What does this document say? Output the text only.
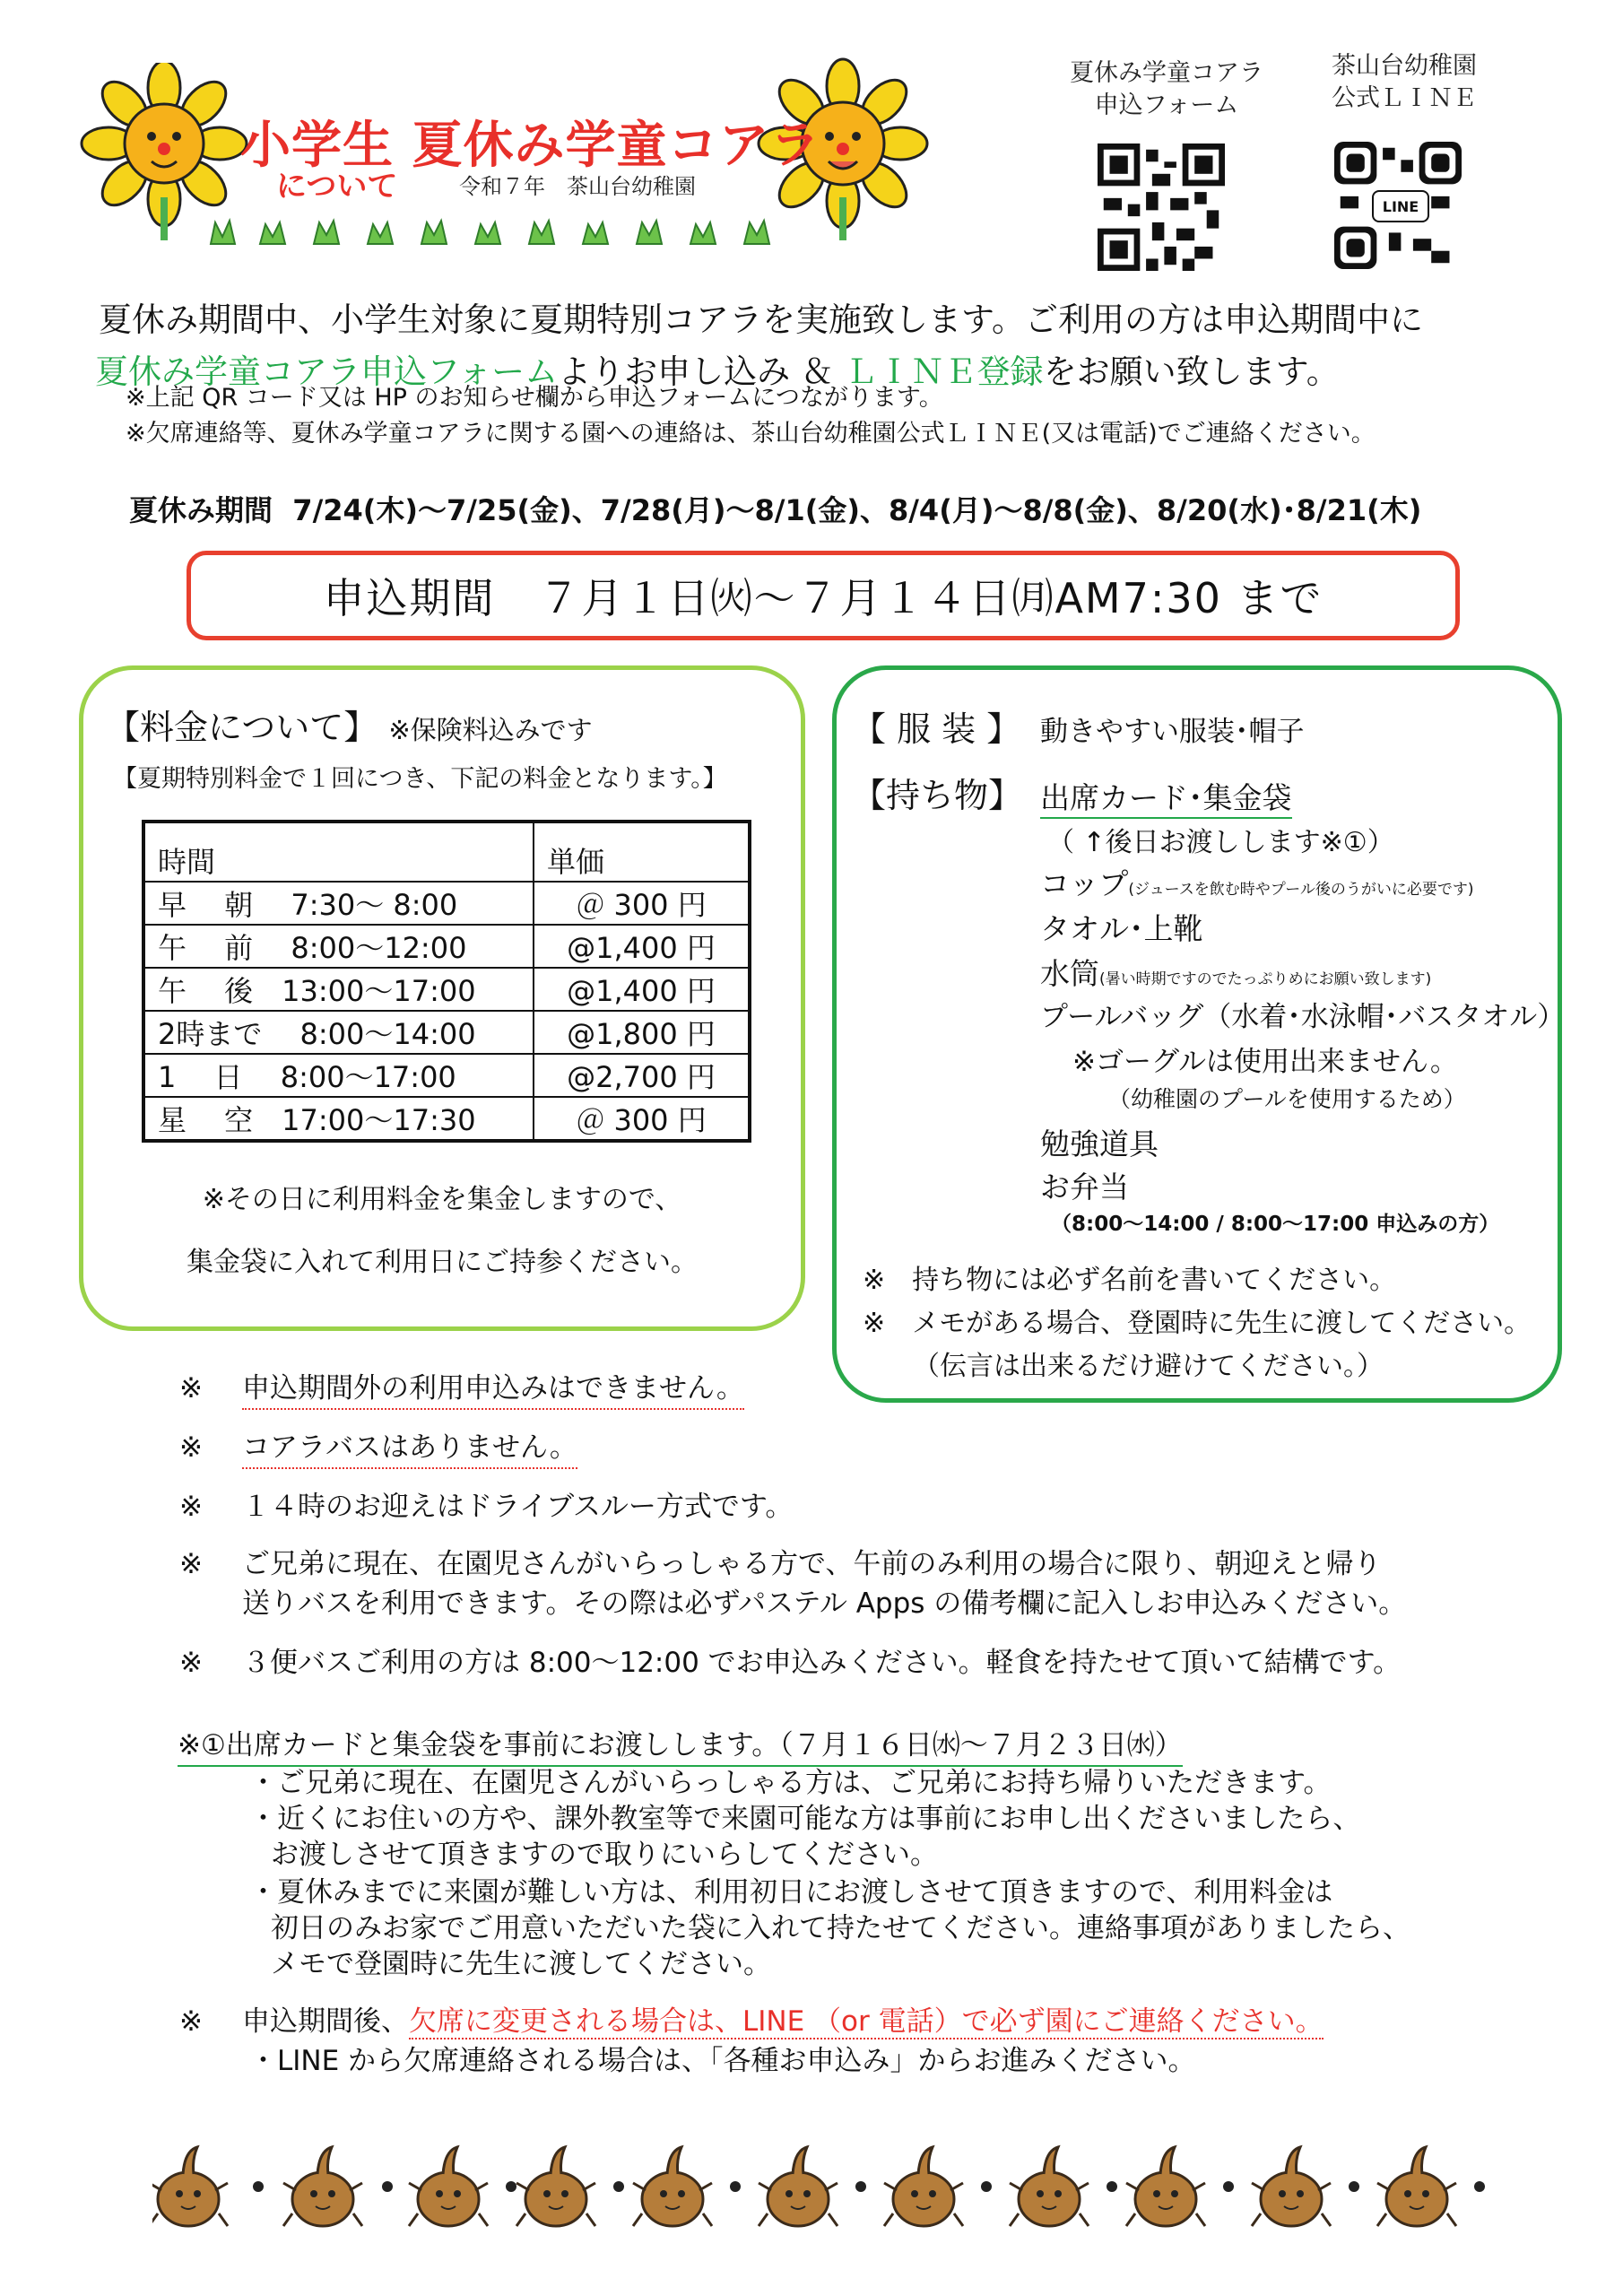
小学生 夏休み学童コアラ
について	令和７年　茶山台幼稚園
夏休み学童コアラ
申込フォーム
茶山台幼稚園
公式ＬＩＮＥ
LINE
夏休み期間中、小学生対象に夏期特別コアラを実施致します。ご利用の方は申込期間中に
夏休み学童コアラ申込フォームよりお申し込み ＆ ＬＩＮＥ登録をお願い致します。
※上記 QR コード又は HP のお知らせ欄から申込フォームにつながります。
※欠席連絡等、夏休み学童コアラに関する園への連絡は、茶山台幼稚園公式ＬＩＮＥ(又は電話)でご連絡ください。
夏休み期間 7/24(木)～7/25(金)、7/28(月)～8/1(金)、8/4(月)～8/8(金)、8/20(水)･8/21(木)
申込期間　７月１日㈫～７月１４日㈪AM7:30 まで
【料金について】 ※保険料込みです
【夏期特別料金で１回につき、下記の料金となります。】
時間	単価
早　 朝　 7:30～ 8:00	＠ 300 円
午　 前　 8:00～12:00	@1,400 円
午　 後　13:00～17:00	@1,400 円
2時まで　 8:00～14:00	@1,800 円
1　 日　 8:00～17:00	@2,700 円
星　 空　17:00～17:30	＠ 300 円
※その日に利用料金を集金しますので、
集金袋に入れて利用日にご持参ください。
【 服 装 】 動きやすい服装･帽子
【持ち物】 出席カード･集金袋
（ ↑後日お渡しします※①）
コップ(ジュースを飲む時やプール後のうがいに必要です)
タオル･上靴
水筒(暑い時期ですのでたっぷりめにお願い致します)
プールバッグ（水着･水泳帽･バスタオル）
※ゴーグルは使用出来ません。
（幼稚園のプールを使用するため）
勉強道具
お弁当
（8:00～14:00 / 8:00～17:00 申込みの方）
※　持ち物には必ず名前を書いてください。
※　メモがある場合、登園時に先生に渡してください。
（伝言は出来るだけ避けてください。）
※ 申込期間外の利用申込みはできません。
※ コアラバスはありません。
※ １４時のお迎えはドライブスルー方式です。
※ ご兄弟に現在、在園児さんがいらっしゃる方で、午前のみ利用の場合に限り、朝迎えと帰り
送りバスを利用できます。その際は必ずパステル Apps の備考欄に記入しお申込みください。
※ ３便バスご利用の方は 8:00～12:00 でお申込みください。軽食を持たせて頂いて結構です。
※①出席カードと集金袋を事前にお渡しします。（７月１６日㈬～７月２３日㈬）
・ご兄弟に現在、在園児さんがいらっしゃる方は、ご兄弟にお持ち帰りいただきます。
・近くにお住いの方や、課外教室等で来園可能な方は事前にお申し出くださいましたら、
お渡しさせて頂きますので取りにいらしてください。
・夏休みまでに来園が難しい方は、利用初日にお渡しさせて頂きますので、利用料金は
初日のみお家でご用意いただいた袋に入れて持たせてください。連絡事項がありましたら、
メモで登園時に先生に渡してください。
※ 申込期間後、欠席に変更される場合は、LINE （or 電話）で必ず園にご連絡ください。
・LINE から欠席連絡される場合は、「各種お申込み」からお進みください。
